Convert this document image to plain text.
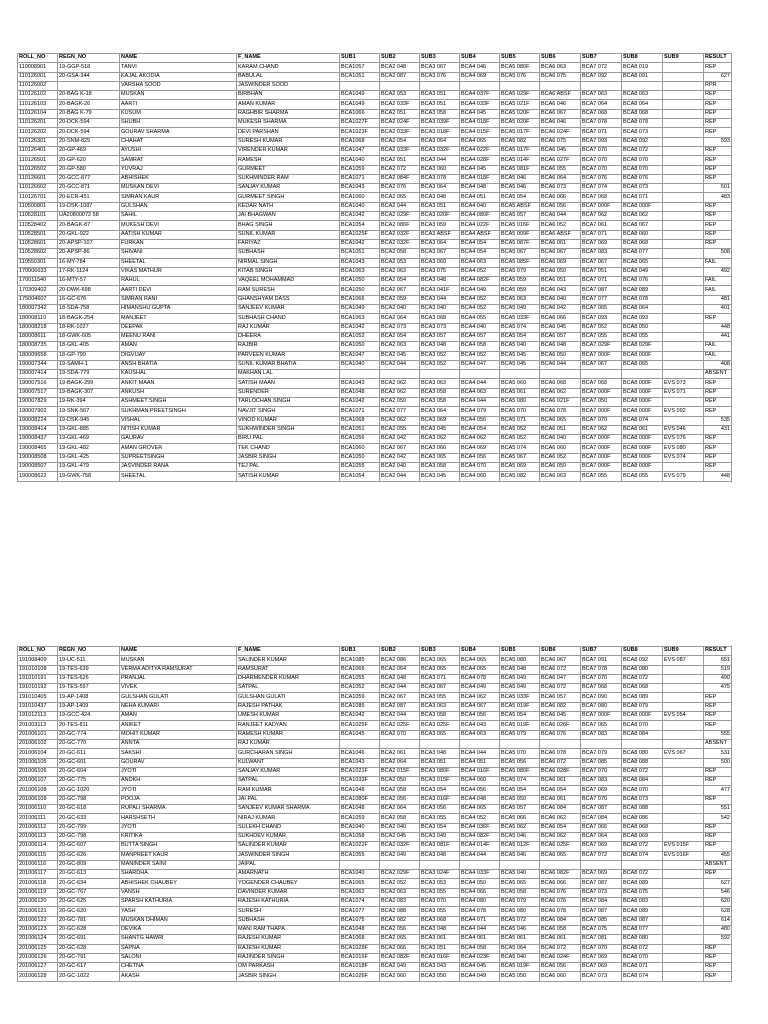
ROLL_NO	REGN_NO	NAME	F_NAME	SUB1	SUB2	SUB3	SUB4	SUB5	SUB6	SUB7	SUB8	SUB9	RESULT
110008901	19-GGP-518	TANVI	KARAM CHAND	BCA1057	BCA2 048	BCA3 067	BCA4 046	BCA5 080F	BCA6 063	BCA7 072	BCA8 019		REP
110126001	20-GSA-344	KAJAL AKODIA	BABULAL	BCA1051	BCA2 087	BCA3 076	BCA4 069	BCA5 076	BCA6 075	BCA7 092	BCA8 091		627
110126002		VARSHA SOOD	JASWINDER SOOD										RPR
110126102	20-BAG K-18	MUSKAN	BIRBHAN	BCA1049	BCA2 053	BCA3 051	BCA4 037F	BCA5 029F	BCA6 ABSF	BCA7 063	BCA8 063		REP
110126103	20-BAGK-26	AARTI	AMAN KUMAR	BCA1049	BCA2 033F	BCA3 051	BCA4 033F	BCA5 021F	BCA6 046	BCA7 064	BCA8 064		REP
110126104	20-BAG K-79	KUSUM	RAGHBIR SHARMA	BCA1066	BCA2 051	BCA3 058	BCA4 045	BCA5 020F	BCA6 067	BCA7 068	BCA8 068		REP
110126201	20-DCK-594	SHUBH	MUKESH SHARMA	BCA1027F	BCA2 024F	BCA3 039F	BCA4 018F	BCA5 020F	BCA6 046	BCA7 078	BCA8 078		REP
110126202	20-DCK-594	GOURAV SHARMA	DEVI PARSHAN	BCA1023F	BCA2 033F	BCA3 018F	BCA4 015F	BCA5 017F	BCA6 024F	BCA7 071	BCA8 073		REP
110126301	20-SNM-825	CHAHAT	SURESH KUMAR	BCA1068	BCA2 054	BCA3 064	BCA4 065	BCA5 082	BCA6 075	BCA7 093	BCA8 092		593
110126401	20-GP-469	AYUSHI	VIRENDER KUMAR	BCA1047	BCA2 033F	BCA3 032F	BCA4 022F	BCA5 017F	BCA6 045	BCA7 070	BCA8 072		REP
110126501	20-GP-620	SAMRAT	RAMESH	BCA1040	BCA2 051	BCA3 044	BCA4 028F	BCA5 014F	BCA6 027F	BCA7 070	BCA8 070		REP
110126502	20-GP-580	YUVRAJ	GURMEET	BCA1059	BCA2 072	BCA3 060	BCA4 045	BCA5 081F	BCA6 055	BCA7 070	BCA8 070		REP
110126601	20-GCC-877	ABHISHEK	SUKHMINDER RAM	BCA1071	BCA2 084F	BCA3 078	BCA4 018F	BCA5 046	BCA6 064	BCA7 076	BCA8 076		REP
110126602	20-GCC-871	MUSKAN DEVI	SANJAY KUMAR	BCA1043	BCA2 076	BCA3 064	BCA4 048	BCA5 046	BCA6 073	BCA7 074	BCA8 073		501
110126701	20-ECR-451	SIMRAN KAUR	GURMEET SINGH	BCA1060	BCA2 065	BCA3 048	BCA4 051	BCA5 054	BCA6 066	BCA7 068	BCA8 071		483
110500801	19-DSK-1087	GULSHAN	KEDAR NATH	BCA1040	BCA2 044	BCA3 051	BCA4 040	BCA5 ABSF	BCA6 056	BCA7 000F	BCA8 000F		REP
110528101	UA20800072 58	SAHIL	JAI BHAGWAN	BCA1042	BCA2 029F	BCA3 020F	BCA4 080F	BCA5 057	BCA6 044	BCA7 062	BCA8 062		REP
110528402	20-BAGK-87	MUKESH DEVI	BHAG SINGH	BCA1054	BCA2 086F	BCA3 059	BCA4 022F	BCA5 016F	BCA6 052	BCA7 061	BCA8 067		REP
110528501	20-GKL-922	AATISH KUMAR	SUNIL KUMAR	BCA1025F	BCA2 032F	BCA3 ABSF	BCA4 ABSF	BCA5 009F	BCA6 ABSF	BCA7 071	BCA8 060		REP
110528601	20-APSP-107	FURKAN	FARIYAZ	BCA1042	BCA2 032F	BCA3 064	BCA4 054	BCA5 087F	BCA6 061	BCA7 069	BCA8 068		REP
110528602	20-APSP-86	SHIVANI	SUBHASH	BCA1051	BCA2 058	BCA3 067	BCA4 054	BCA5 067	BCA6 067	BCA7 083	BCA8 077		508
110550301	16-MY-784	SHEETAL	NIRMAL SINGH	BCA1043	BCA2 053	BCA3 060	BCA4 063	BCA5 085F	BCA6 069	BCA7 067	BCA8 065		FAIL
170006633	17-RK-1124	VIKAS MATHUR	KITAB SINGH	BCA1063	BCA2 063	BCA3 075	BCA4 052	BCA5 079	BCA6 050	BCA7 051	BCA8 049		492
170011540	16-MTY-57	RAHUL	VAQEEL MOHAMMAD	BCA1050	BCA2 054	BCA3 048	BCA4 082F	BCA5 059	BCA6 051	BCA7 071	BCA8 076		FAIL
170309402	20-DWK-698	AARTI DEVI	RAM SURESH	BCA1050	BCA2 067	BCA3 041F	BCA4 049	BCA5 059	BCA6 043	BCA7 087	BCA8 089		FAIL
175004607	16-GC-676	SIMRAN RANI	GHANSHYAM DASS	BCA1066	BCA2 059	BCA3 044	BCA4 052	BCA5 063	BCA6 040	BCA7 077	BCA8 078		481
180007342	18-SDA-758	HIMANSHU GUPTA	SANJEEV KUMAR	BCA1049	BCA2 040	BCA3 040	BCA4 052	BCA5 049	BCA6 042	BCA7 065	BCA8 064		401
180008110	18-BAGK-254	MANJEET	SUBHASH CHAND	BCA1063	BCA2 064	BCA3 068	BCA4 055	BCA5 033F	BCA6 066	BCA7 093	BCA8 093		REP
180008218	18-RK-1027	DEEPAK	RAJ KUMAR	BCA1042	BCA2 073	BCA3 073	BCA4 040	BCA5 074	BCA6 045	BCA7 052	BCA8 050		448
180008611	18-GWK-605	MEENU RANI	DHEERA	BCA1052	BCA2 054	BCA3 057	BCA4 057	BCA5 054	BCA6 057	BCA7 055	BCA8 055		441
180008735	18-GKL-405	AMAN	RAJBIR	BCA1050	BCA2 063	BCA3 048	BCA4 058	BCA5 040	BCA6 048	BCA7 029F	BCA8 029F		FAIL
180009658	18-GP-799	DIGVIJAY	PARVEEN KUMAR	BCA1047	BCA2 045	BCA3 052	BCA4 052	BCA5 045	BCA6 050	BCA7 000F	BCA8 000F		FAIL
190007344	19-SAMH-1	ANSH BHATIA	SUNIL KUMAR BHATIA	BCA1040	BCA2 044	BCA3 052	BCA4 047	BCA5 045	BCA6 044	BCA7 067	BCA8 065		408
190007414	19-SDA-779	KAUSHAL	MAKHAN LAL										ABSENT
190007516	19-BAGK-299	ANKIT MAAN	SATISH MAAN	BCA1043	BCA2 062	BCA3 063	BCA4 044	BCA5 060	BCA6 068	BCA7 068	BCA8 000F	EVS 073	REP
190007517	19-BAGK-307	ANKUSH	SURENDER	BCA1048	BCA2 062	BCA3 058	BCA4 063	BCA5 061	BCA6 062	BCA7 000F	BCA8 000F	EVS 071	REP
190007829	19-RK-394	ASHMEET SINGH	TARLOCHAN SINGH	BCA1042	BCA2 050	BCA3 058	BCA4 044	BCA5 080	BCA6 021F	BCA7 050	BCA8 000F		REP
190007902	19-SNK-567	SUKHMAN PREETSINGH	NAVJIT SINGH	BCA1071	BCA2 077	BCA3 064	BCA4 079	BCA5 070	BCA6 078	BCA7 000F	BCA8 000F	EVS 092	REP
190008224	19-DSK-945	VISHAL	VINOD KUMAR	BCA1068	BCA2 062	BCA3 069	BCA4 056	BCA5 071	BCA6 065	BCA7 070	BCA8 074		535
190008414	19-GKL-885	NITISH KUMAR	SUKHWINDER SINGH	BCA1051	BCA2 055	BCA3 045	BCA4 054	BCA5 052	BCA6 051	BCA7 062	BCA8 061	EVS 046	431
190008437	19-GKL-469	GAURAV	BIRU PAL	BCA1056	BCA2 042	BCA3 062	BCA4 062	BCA5 052	BCA6 040	BCA7 000F	BCA8 000F	EVS 076	REP
190008465	19-GKL-482	AMAN GROVER	TEK CHAND	BCA1060	BCA2 067	BCA3 066	BCA4 069	BCA5 074	BCA6 060	BCA7 000F	BCA8 000F	EVS 080	REP
190008508	19-GKL-425	SUPREETSINGH	JASBIR SINGH	BCA1050	BCA2 042	BCA3 065	BCA4 056	BCA5 067	BCA6 052	BCA7 000F	BCA8 000F	EVS 074	REP
190008507	19-GKL-479	JASVINDER RANA	TEJ PAL	BCA1055	BCA2 040	BCA3 058	BCA4 070	BCA5 069	BCA6 050	BCA7 000F	BCA8 000F		REP
190008622	19-GWK-758	SHEETAL	SATISH KUMAR	BCA1054	BCA2 044	BCA3 045	BCA4 060	BCA5 082	BCA6 063	BCA7 055	BCA8 055	EVS 079	448
ROLL_NO	REGN_NO	NAME	F_NAME	SUB1	SUB2	SUB3	SUB4	SUB5	SUB6	SUB7	SUB8	SUB9	RESULT
191008409	19-UC-511	MUSKAN	SALINDER KUMAR	BCA1085	BCA2 086	BCA3 065	BCA4 065	BCA5 080	BCA6 067	BCA7 091	BCA8 092	EVS 087	651
191010108	19-TES-639	VERMA ADITYA RAMSURAT	RAMSURAT	BCA1066	BCA2 064	BCA3 065	BCA4 065	BCA5 048	BCA6 072	BCA7 078	BCA8 080		519
191010191	19-TES-626	PRANJAL	DHARMENDER KUMAR	BCA1055	BCA2 048	BCA3 071	BCA4 078	BCA5 049	BCA6 047	BCA7 070	BCA8 072		490
191010192	19-TES-597	VIVEK	SATPAL	BCA1052	BCA2 044	BCA3 067	BCA4 049	BCA5 049	BCA6 072	BCA7 068	BCA8 068		475
191010405	19-AP-1408	GULSHAN GULATI	GULSHAN GULATI	BCA1059	BCA2 067	BCA3 055	BCA4 062	BCA5 033F	BCA6 057	BCA7 090	BCA8 089		REP
191010437	19-AP-1409	NEHA KUMARI	RAJESH PATHAK	BCA1085	BCA2 087	BCA3 063	BCA4 067	BCA5 019F	BCA6 082	BCA7 080	BCA8 079		REP
191012113	19-GCC-424	AMAN	UMESH KUMAR	BCA1042	BCA2 044	BCA3 058	BCA4 056	BCA5 054	BCA6 045	BCA7 000F	BCA8 000F	EVS 054	REP
201003113	20-TES-811	ANIKET	RANJEET KADYAN	BCA1025F	BCA2 025F	BCA3 025F	BCA4 043	BCA5 019F	BCA6 026F	BCA7 065	BCA8 070		REP
201006101	20-GC-774	MOHIT KUMAR	RAMESH KUMAR	BCA1045	BCA2 070	BCA3 065	BCA4 063	BCA5 079	BCA6 076	BCA7 083	BCA8 084		555
201006102	20-GC-770	ANNTA	RAJ KUMAR										ABSENT
201006104	20-GC-611	SAKSHI	GURCHARAN SINGH	BCA1046	BCA2 061	BCA3 048	BCA4 044	BCA5 070	BCA6 078	BCA7 079	BCA8 080	EVS 067	531
201006105	20-GC-601	GOURAV	KULWANT	BCA1043	BCA2 064	BCA3 051	BCA4 051	BCA5 056	BCA6 072	BCA7 085	BCA8 088		500
201006106	20-GC-604	JYOTI	SANJAY KUMAR	BCA1021F	BCA2 015F	BCA3 080F	BCA4 016F	BCA5 080F	BCA6 028F	BCA7 070	BCA8 072		REP
201006107	20-GC-775	ANDKH	SATPAL	BCA1033F	BCA2 050	BCA3 015F	BCA4 060	BCA5 074	BCA6 061	BCA7 083	BCA8 084		REP
201006108	20-GC-1020	JYOTI	RAM KUMAR	BCA1048	BCA2 058	BCA3 054	BCA4 056	BCA5 054	BCA6 054	BCA7 069	BCA8 070		477
201006109	20-GC-798	POOJA	JAI PAL	BCA1080F	BCA2 056	BCA3 016F	BCA4 048	BCA5 050	BCA6 061	BCA7 070	BCA8 073		REP
201006110	20-GC-618	RUPALI SHARMA	SANJEEV KUMAR SHARMA	BCA1048	BCA2 064	BCA3 056	BCA4 065	BCA5 057	BCA6 084	BCA7 087	BCA8 088		551
201006111	20-GC-633	HARSHSETH	NIRAJ KUMAR	BCA1059	BCA2 058	BCA3 055	BCA4 052	BCA5 066	BCA6 062	BCA7 084	BCA8 086		542
201006112	20-GC-799	JYOTI	SULEKH CHAND	BCA1040	BCA2 040	BCA3 054	BCA4 036F	BCA5 062	BCA6 054	BCA7 066	BCA8 068		REP
201006113	20-GC-798	KRITIKA	SUKHDEV KUMAR	BCA1058	BCA2 045	BCA3 049	BCA4 082F	BCA5 046	BCA6 062	BCA7 064	BCA8 069		REP
201006114	20-GC-607	BUTTA SINGH	SALINDER KUMAR	BCA1022F	BCA2 032F	BCA3 081F	BCA4 014F	BCA5 012F	BCA6 025F	BCA7 069	BCA8 072	EVS 015F	REP
201006115	20-GC-626	MANPREET KAUR	JASWINDER SINGH	BCA1055	BCA2 049	BCA3 048	BCA4 044	BCA5 046	BCA6 065	BCA7 072	BCA8 074	EVS 016F	455
201006116	20-GC-809	MANINDER SAINI	JAIPAL										ABSENT
201006117	20-GC-613	SHARDHA	AMARNATH	BCA1040	BCA2 029F	BCA3 024F	BCA4 033F	BCA5 040	BCA6 082F	BCA7 069	BCA8 072		REP
201006118	20-GC-634	ABHISHEK CHAUBEY	YOGENDER CHAUBEY	BCA1065	BCA2 052	BCA3 053	BCA4 050	BCA5 065	BCA6 066	BCA7 087	BCA8 089		527
201006119	20-GC-767	VANSH	DAVINDER KUMAR	BCA1062	BCA2 063	BCA3 055	BCA4 066	BCA5 058	BCA6 076	BCA7 073	BCA8 075		546
201006120	20-GC-625	SPARSH KATHURIA	RAJESH KATHURIA	BCA1074	BCA2 083	BCA3 070	BCA4 080	BCA5 079	BCA6 076	BCA7 084	BCA8 083		620
201006121	20-GC-620	YASH	SURESH	BCA1077	BCA2 088	BCA3 055	BCA4 078	BCA5 080	BCA6 078	BCA7 087	BCA8 089		628
201006122	20-GC-781	MUSKAN DHIMAN	SUBHASH	BCA1075	BCA2 082	BCA3 068	BCA4 071	BCA5 072	BCA6 084	BCA7 085	BCA8 087		614
201006123	20-GC-628	DEVIKA	MANI RAM THAPA	BCA1048	BCA2 056	BCA3 048	BCA4 044	BCA5 046	BCA6 058	BCA7 075	BCA8 077		480
201006124	20-GC-691	SHANTG HAWRI	RAJESH KUMAR	BCA1068	BCA2 065	BCA3 061	BCA4 061	BCA5 061	BCA6 061	BCA7 081	BCA8 080		592
201006125	20-GC-628	SAPNA	RAJESH KUMAR	BCA1028F	BCA2 066	BCA3 051	BCA4 058	BCA5 064	BCA6 072	BCA7 070	BCA8 072		REP
201006126	20-GC-791	SALONI	RAJINDER SINGH	BCA1016F	BCA2 082F	BCA3 016F	BCA4 023F	BCA5 040	BCA6 024F	BCA7 069	BCA8 070		REP
201006127	20-GC-617	CHETNA	OM PARKASH	BCA1018F	BCA2 049	BCA3 043	BCA4 045	BCA5 019F	BCA6 056	BCA7 069	BCA8 071		REP
201006128	20-GC-1022	AKASH	JASBIR SINGH	BCA1026F	BCA2 060	BCA3 050	BCA4 049	BCA5 050	BCA6 060	BCA7 073	BCA8 074		REP
